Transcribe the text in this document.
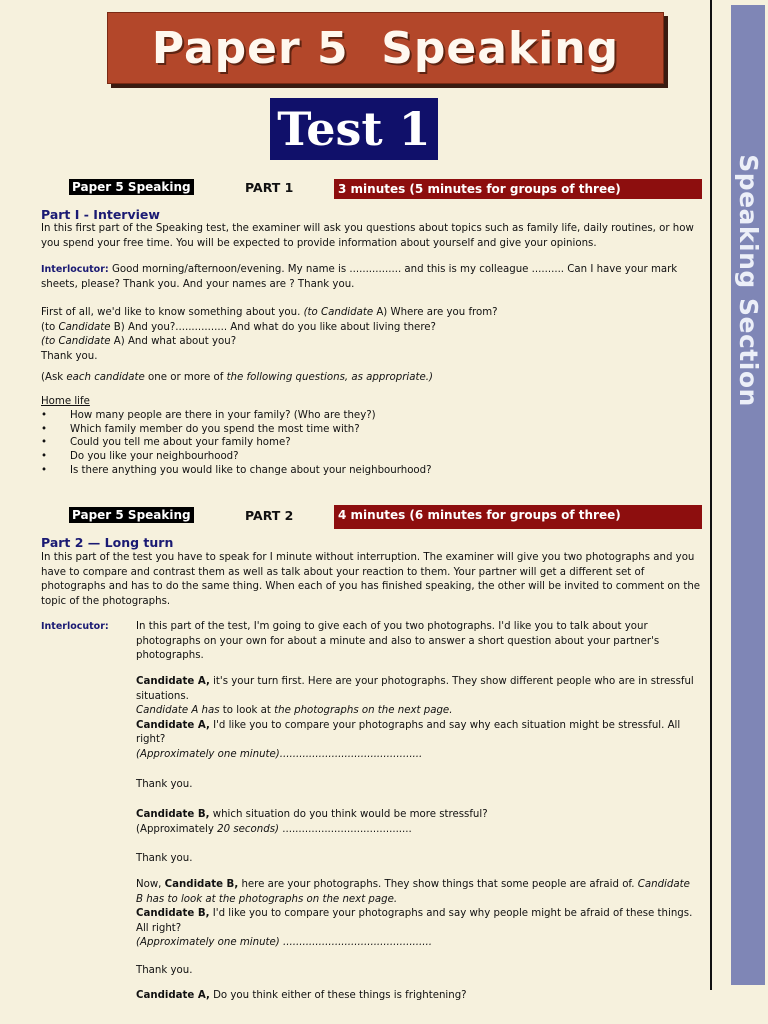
Speaking Section
Paper 5  Speaking
Test 1
Paper 5 Speaking	PART 1	3 minutes (5 minutes for groups of three)
Part I - Interview
In this first part of the Speaking test, the examiner will ask you questions about topics such as family life, daily routines, or how you spend your free time. You will be expected to provide information about yourself and give your opinions.
Interlocutor: Good morning/afternoon/evening. My name is ................ and this is my colleague .......... Can I have your mark sheets, please? Thank you. And your names are ? Thank you.

First of all, we'd like to know something about you. (to Candidate A) Where are you from?

(to Candidate B) And you?................ And what do you like about living there?

(to Candidate A) And what about you?

Thank you.

(Ask each candidate one or more of the following questions, as appropriate.)
Home life
• How many people are there in your family? (Who are they?)
• Which family member do you spend the most time with?
• Could you tell me about your family home?
• Do you like your neighbourhood?
• Is there anything you would like to change about your neighbourhood?
Paper 5 Speaking	PART 2	4 minutes (6 minutes for groups of three)
Part 2 — Long turn
In this part of the test you have to speak for I minute without interruption. The examiner will give you two photographs and you have to compare and contrast them as well as talk about your reaction to them. Your partner will get a different set of photographs and has to do the same thing. When each of you has finished speaking, the other will be invited to comment on the topic of the photographs.
Interlocutor:	In this part of the test, I'm going to give each of you two photographs. I'd like you to talk about your photographs on your own for about a minute and also to answer a short question about your partner's photographs.

Candidate A, it's your turn first. Here are your photographs. They show different people who are in stressful situations.

Candidate A has to look at the photographs on the next page.

Candidate A, I'd like you to compare your photographs and say why each situation might be stressful. All right?

(Approximately one minute)............................................

Thank you.

Candidate B, which situation do you think would be more stressful?

(Approximately 20 seconds) ........................................

Thank you.

Now, Candidate B, here are your photographs. They show things that some people are afraid of. Candidate B has to look at the photographs on the next page.

Candidate B, I'd like you to compare your photographs and say why people might be afraid of these things. All right?

(Approximately one minute) ..............................................

Thank you.

Candidate A, Do you think either of these things is frightening?
